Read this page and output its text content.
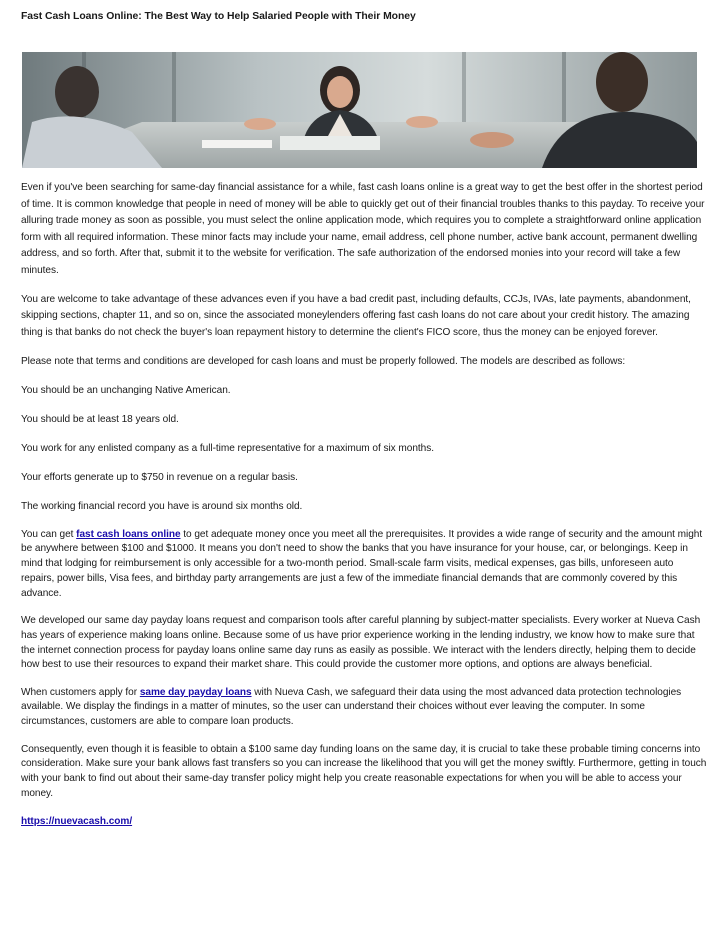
Fast Cash Loans Online: The Best Way to Help Salaried People with Their Money

Even if you've been searching for same-day financial assistance for a while, fast cash loans online is a great way to get the best offer in the shortest period of time. It is common knowledge that people in need of money will be able to quickly get out of their financial troubles thanks to this payday. To receive your alluring trade money as soon as possible, you must select the online application mode, which requires you to complete a straightforward online application form with all required information. These minor facts may include your name, email address, cell phone number, active bank account, permanent dwelling address, and so forth. After that, submit it to the website for verification. The safe authorization of the endorsed monies into your record will take a few minutes.

You are welcome to take advantage of these advances even if you have a bad credit past, including defaults, CCJs, IVAs, late payments, abandonment, skipping sections, chapter 11, and so on, since the associated moneylenders offering fast cash loans do not care about your credit history. The amazing thing is that banks do not check the buyer's loan repayment history to determine the client's FICO score, thus the money can be enjoyed forever.

Please note that terms and conditions are developed for cash loans and must be properly followed. The models are described as follows:

You should be an unchanging Native American.

You should be at least 18 years old.

You work for any enlisted company as a full-time representative for a maximum of six months.

Your efforts generate up to $750 in revenue on a regular basis.

The working financial record you have is around six months old.

You can get fast cash loans online to get adequate money once you meet all the prerequisites. It provides a wide range of security and the amount might be anywhere between $100 and $1000. It means you don't need to show the banks that you have insurance for your house, car, or belongings. Keep in mind that lodging for reimbursement is only accessible for a two-month period. Small-scale farm visits, medical expenses, gas bills, unforeseen auto repairs, power bills, Visa fees, and birthday party arrangements are just a few of the immediate financial demands that are commonly covered by this advance.

We developed our same day payday loans request and comparison tools after careful planning by subject-matter specialists. Every worker at Nueva Cash has years of experience making loans online. Because some of us have prior experience working in the lending industry, we know how to make sure that the internet connection process for payday loans online same day runs as easily as possible. We interact with the lenders directly, helping them to decide how best to use their resources to expand their market share. This could provide the customer more options, and options are always beneficial.

When customers apply for same day payday loans with Nueva Cash, we safeguard their data using the most advanced data protection technologies available. We display the findings in a matter of minutes, so the user can understand their choices without ever leaving the computer. In some circumstances, customers are able to compare loan products.

Consequently, even though it is feasible to obtain a $100 same day funding loans on the same day, it is crucial to take these probable timing concerns into consideration. Make sure your bank allows fast transfers so you can increase the likelihood that you will get the money swiftly. Furthermore, getting in touch with your bank to find out about their same-day transfer policy might help you create reasonable expectations for when you will be able to access your money.

https://nuevacash.com/
